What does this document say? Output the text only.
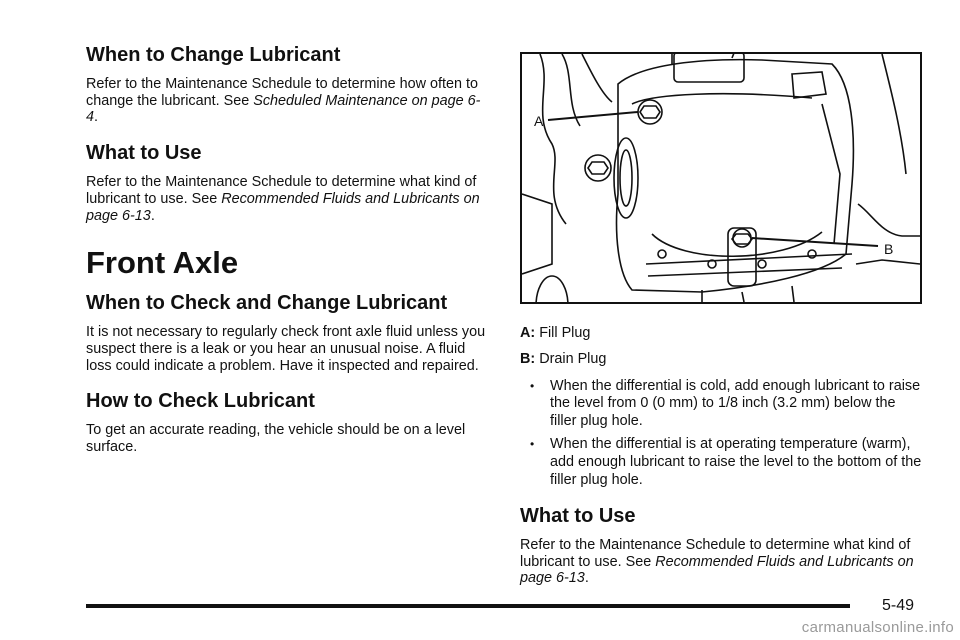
When to Change Lubricant

Refer to the Maintenance Schedule to determine how often to change the lubricant. See Scheduled Maintenance on page 6-4.

What to Use

Refer to the Maintenance Schedule to determine what kind of lubricant to use. See Recommended Fluids and Lubricants on page 6-13.

Front Axle
When to Check and Change Lubricant

It is not necessary to regularly check front axle fluid unless you suspect there is a leak or you hear an unusual noise. A fluid loss could indicate a problem. Have it inspected and repaired.

How to Check Lubricant

To get an accurate reading, the vehicle should be on a level surface.

A
B
A: Fill Plug
B: Drain Plug
• When the differential is cold, add enough lubricant to raise the level from 0 (0 mm) to 1/8 inch (3.2 mm) below the filler plug hole.
• When the differential is at operating temperature (warm), add enough lubricant to raise the level to the bottom of the filler plug hole.
What to Use

Refer to the Maintenance Schedule to determine what kind of lubricant to use. See Recommended Fluids and Lubricants on page 6-13.

5-49
carmanualsonline.info
